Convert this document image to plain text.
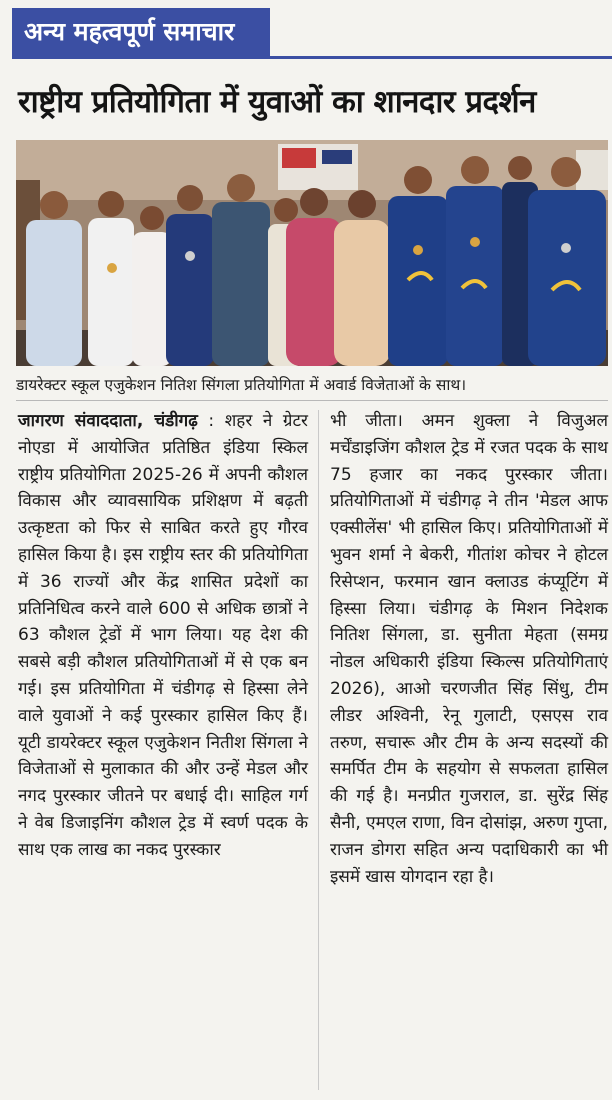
अन्य महत्वपूर्ण समाचार
राष्ट्रीय प्रतियोगिता में युवाओं का शानदार प्रदर्शन
डायरेक्टर स्कूल एजुकेशन नितिश सिंगला प्रतियोगिता में अवार्ड विजेताओं के साथ।

जागरण संवाददाता, चंडीगढ़ : शहर ने ग्रेटर नोएडा में आयोजित प्रतिष्ठित इंडिया स्किल राष्ट्रीय प्रतियोगिता 2025-26 में अपनी कौशल विकास और व्यावसायिक प्रशिक्षण में बढ़ती उत्कृष्टता को फिर से साबित करते हुए गौरव हासिल किया है। इस राष्ट्रीय स्तर की प्रतियोगिता में 36 राज्यों और केंद्र शासित प्रदेशों का प्रतिनिधित्व करने वाले 600 से अधिक छात्रों ने 63 कौशल ट्रेडों में भाग लिया। यह देश की सबसे बड़ी कौशल प्रतियोगिताओं में से एक बन गई। इस प्रतियोगिता में चंडीगढ़ से हिस्सा लेने वाले युवाओं ने कई पुरस्कार हासिल किए हैं। यूटी डायरेक्टर स्कूल एजुकेशन नितीश सिंगला ने विजेताओं से मुलाकात की और उन्हें मेडल और नगद पुरस्कार जीतने पर बधाई दी। साहिल गर्ग ने वेब डिजाइनिंग कौशल ट्रेड में स्वर्ण पदक के साथ एक लाख का नकद पुरस्कार

भी जीता। अमन शुक्ला ने विजुअल मर्चेंडाइजिंग कौशल ट्रेड में रजत पदक के साथ 75 हजार का नकद पुरस्कार जीता। प्रतियोगिताओं में चंडीगढ़ ने तीन 'मेडल आफ एक्सीलेंस' भी हासिल किए। प्रतियोगिताओं में भुवन शर्मा ने बेकरी, गीतांश कोचर ने होटल रिसेप्शन, फरमान खान क्लाउड कंप्यूटिंग में हिस्सा लिया। चंडीगढ़ के मिशन निदेशक नितिश सिंगला, डा. सुनीता मेहता (समग्र नोडल अधिकारी इंडिया स्किल्स प्रतियोगिताएं 2026), आओ चरणजीत सिंह सिंधु, टीम लीडर अश्विनी, रेनू गुलाटी, एसएस राव तरुण, सचारू और टीम के अन्य सदस्यों की समर्पित टीम के सहयोग से सफलता हासिल की गई है। मनप्रीत गुजराल, डा. सुरेंद्र सिंह सैनी, एमएल राणा, विन दोसांझ, अरुण गुप्ता, राजन डोगरा सहित अन्य पदाधिकारी का भी इसमें खास योगदान रहा है।
